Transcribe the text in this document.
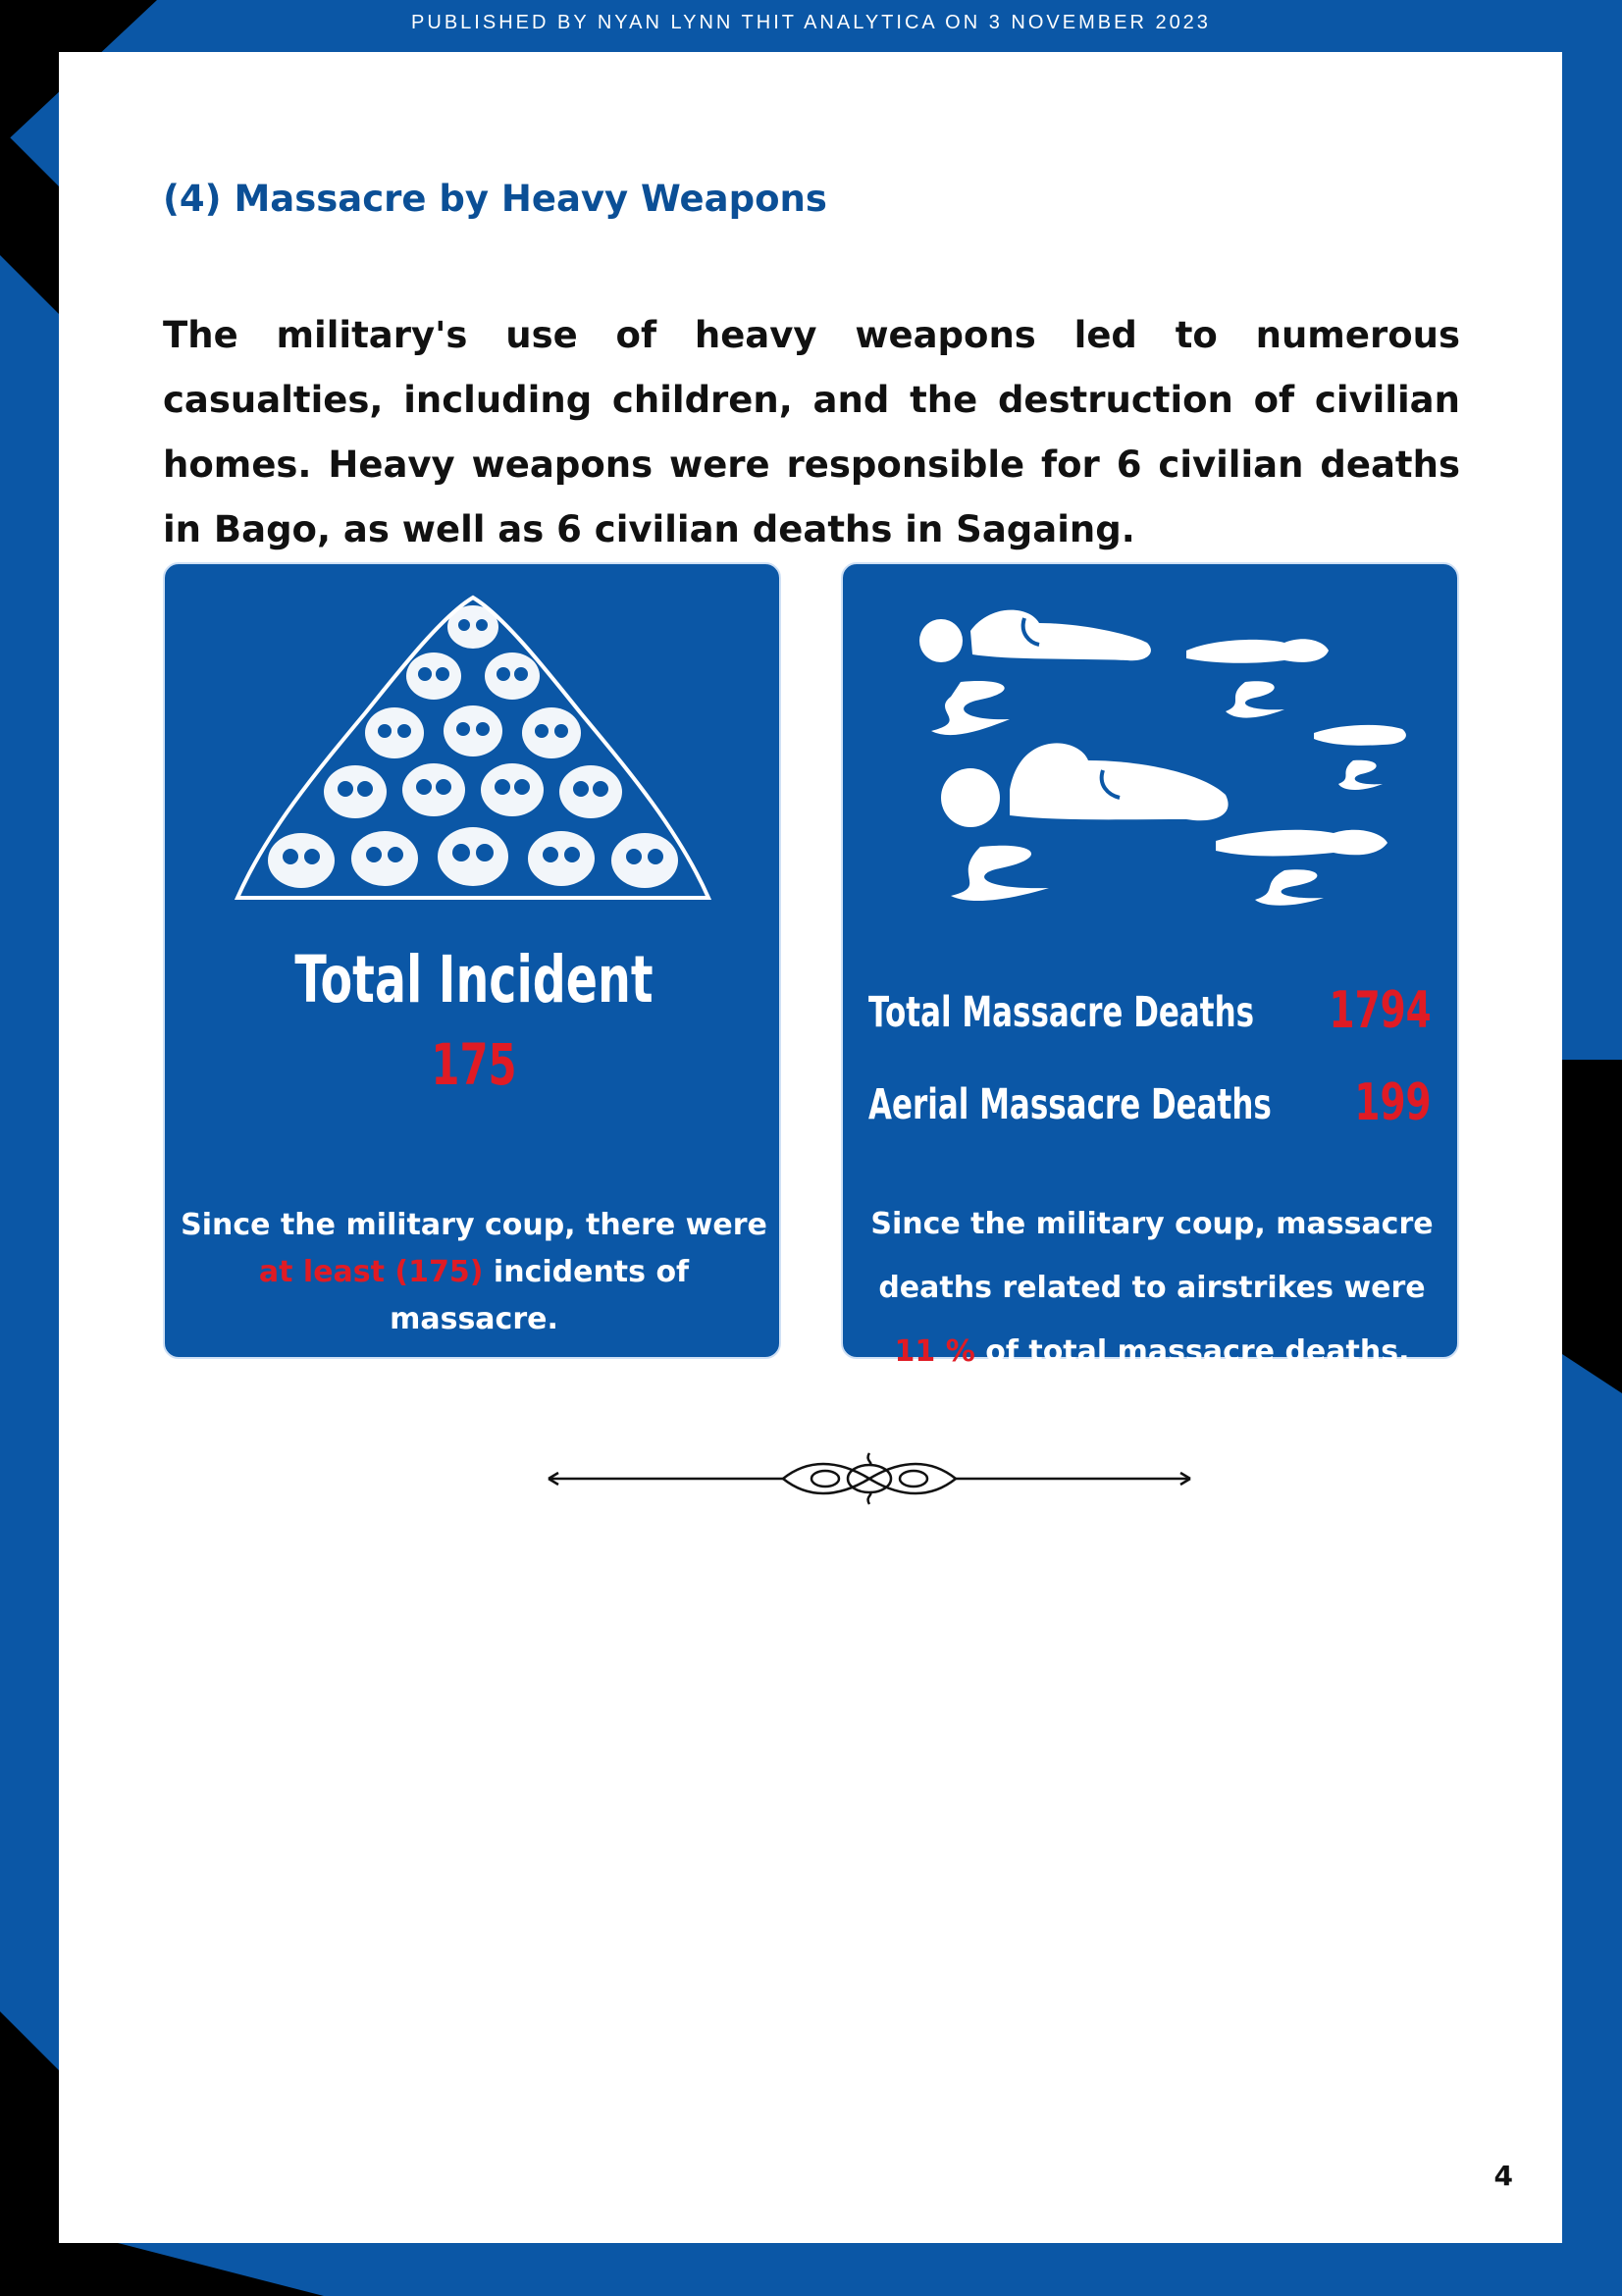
PUBLISHED BY NYAN LYNN THIT ANALYTICA ON 3 NOVEMBER 2023
(4) Massacre by Heavy Weapons

The military's use of heavy weapons led to numerous casualties, including children, and the destruction of civilian homes. Heavy weapons were responsible for 6 civilian deaths in Bago, as well as 6 civilian deaths in Sagaing.

Total Incident
175

Since the military coup, there were
at least (175) incidents of massacre.

Total Massacre Deaths 1794
Aerial Massacre Deaths 199

Since the military coup, massacre deaths related to airstrikes were
11 % of total massacre deaths.

4
